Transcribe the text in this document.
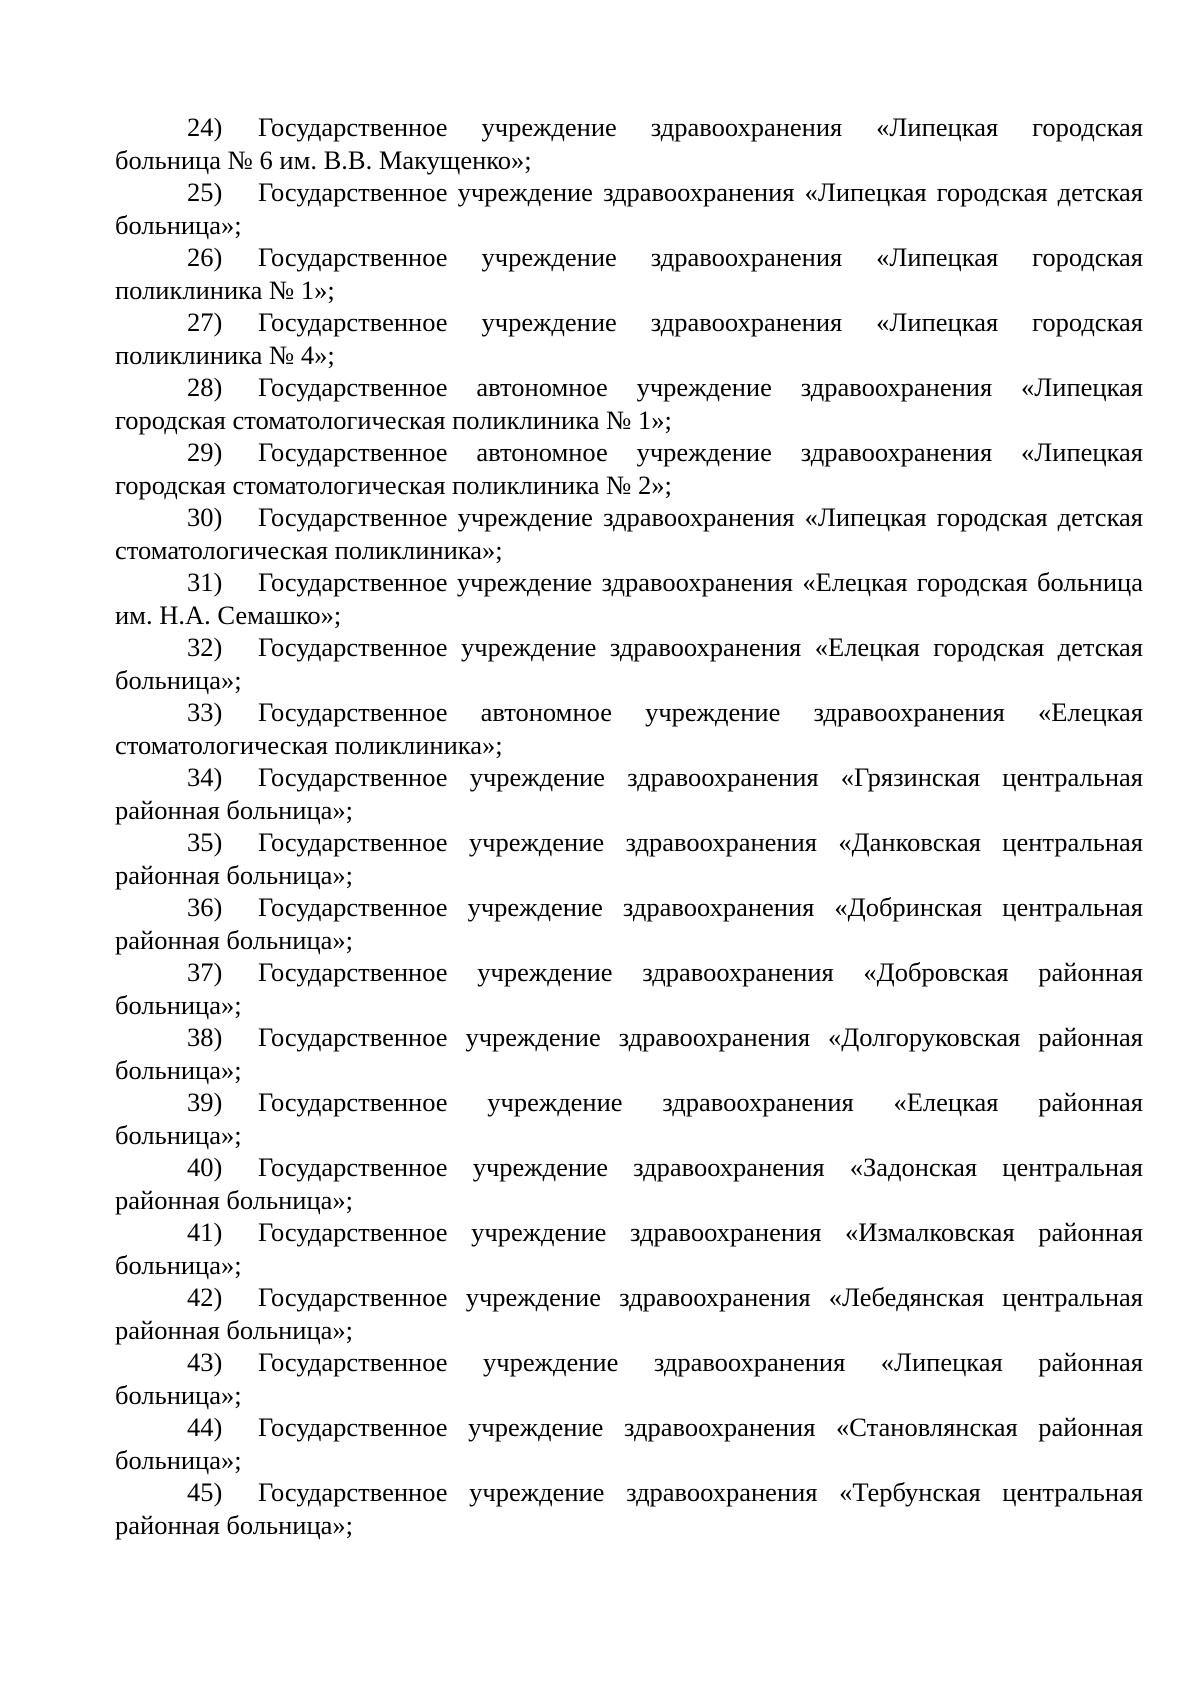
24) Государственное учреждение здравоохранения «Липецкая городская больница № 6 им. В.В. Макущенко»;

25) Государственное учреждение здравоохранения «Липецкая городская детская больница»;

26) Государственное учреждение здравоохранения «Липецкая городская поликлиника № 1»;

27) Государственное учреждение здравоохранения «Липецкая городская поликлиника № 4»;

28) Государственное автономное учреждение здравоохранения «Липецкая городская стоматологическая поликлиника № 1»;

29) Государственное автономное учреждение здравоохранения «Липецкая городская стоматологическая поликлиника № 2»;

30) Государственное учреждение здравоохранения «Липецкая городская детская стоматологическая поликлиника»;

31) Государственное учреждение здравоохранения «Елецкая городская больница им. Н.А. Семашко»;

32) Государственное учреждение здравоохранения «Елецкая городская детская больница»;

33) Государственное автономное учреждение здравоохранения «Елецкая стоматологическая поликлиника»;

34) Государственное учреждение здравоохранения «Грязинская центральная районная больница»;

35) Государственное учреждение здравоохранения «Данковская центральная районная больница»;

36) Государственное учреждение здравоохранения «Добринская центральная районная больница»;

37) Государственное учреждение здравоохранения «Добровская районная больница»;

38) Государственное учреждение здравоохранения «Долгоруковская районная больница»;

39) Государственное учреждение здравоохранения «Елецкая районная больница»;

40) Государственное учреждение здравоохранения «Задонская центральная районная больница»;

41) Государственное учреждение здравоохранения «Измалковская районная больница»;

42) Государственное учреждение здравоохранения «Лебедянская центральная районная больница»;

43) Государственное учреждение здравоохранения «Липецкая районная больница»;

44) Государственное учреждение здравоохранения «Становлянская районная больница»;

45) Государственное учреждение здравоохранения «Тербунская центральная районная больница»;
